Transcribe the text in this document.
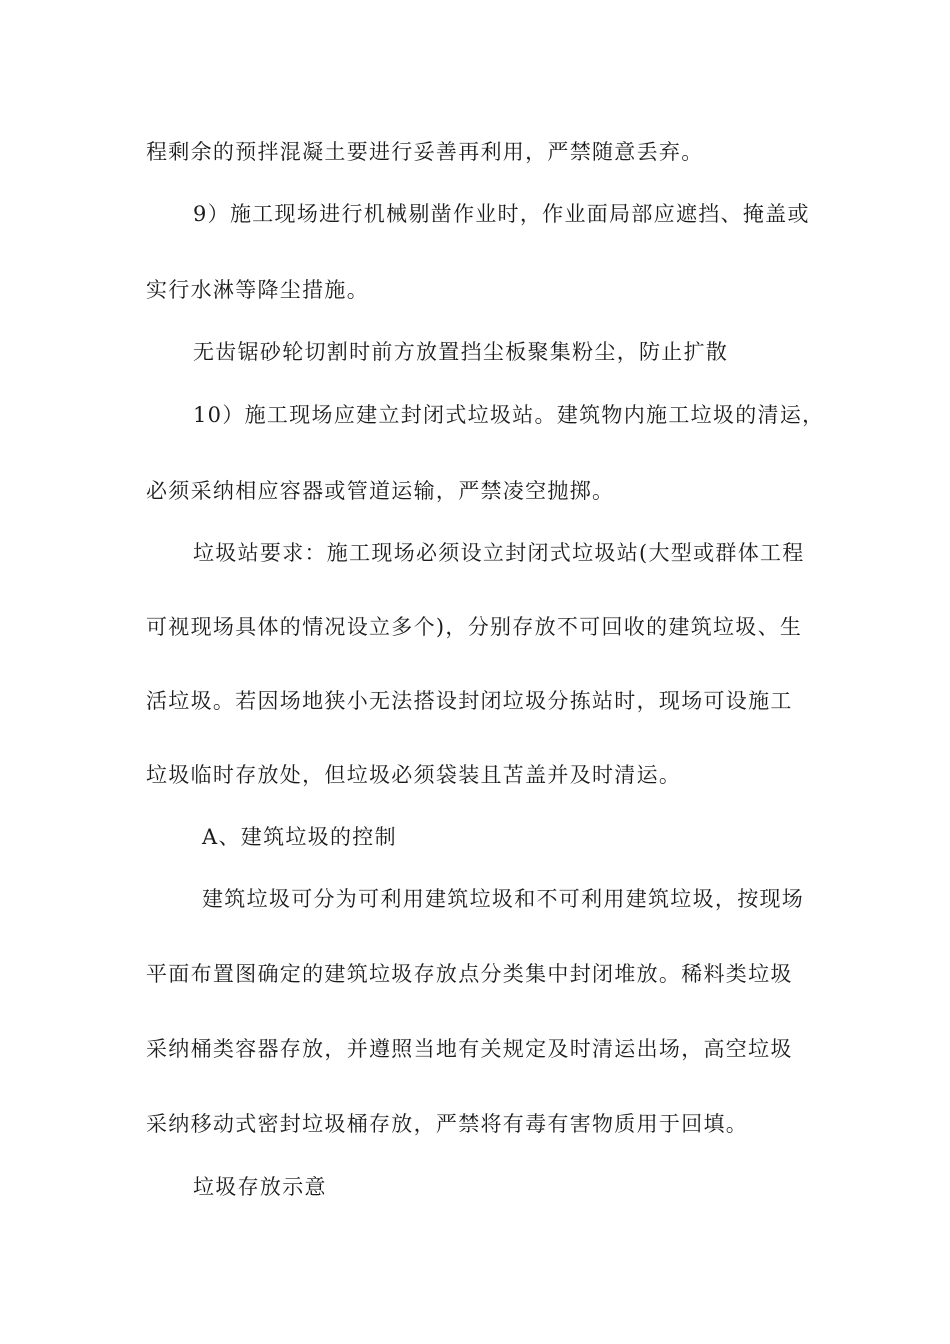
程剩余的预拌混凝土要进行妥善再利用，严禁随意丢弃。
9）施工现场进行机械剔凿作业时，作业面局部应遮挡、掩盖或
实行水淋等降尘措施。
无齿锯砂轮切割时前方放置挡尘板聚集粉尘，防止扩散
10）施工现场应建立封闭式垃圾站。建筑物内施工垃圾的清运，
必须采纳相应容器或管道运输，严禁凌空抛掷。
垃圾站要求：施工现场必须设立封闭式垃圾站(大型或群体工程
可视现场具体的情况设立多个)，分别存放不可回收的建筑垃圾、生
活垃圾。若因场地狭小无法搭设封闭垃圾分拣站时，现场可设施工
垃圾临时存放处，但垃圾必须袋装且苫盖并及时清运。
A、建筑垃圾的控制
建筑垃圾可分为可利用建筑垃圾和不可利用建筑垃圾，按现场
平面布置图确定的建筑垃圾存放点分类集中封闭堆放。稀料类垃圾
采纳桶类容器存放，并遵照当地有关规定及时清运出场，高空垃圾
采纳移动式密封垃圾桶存放，严禁将有毒有害物质用于回填。
垃圾存放示意
